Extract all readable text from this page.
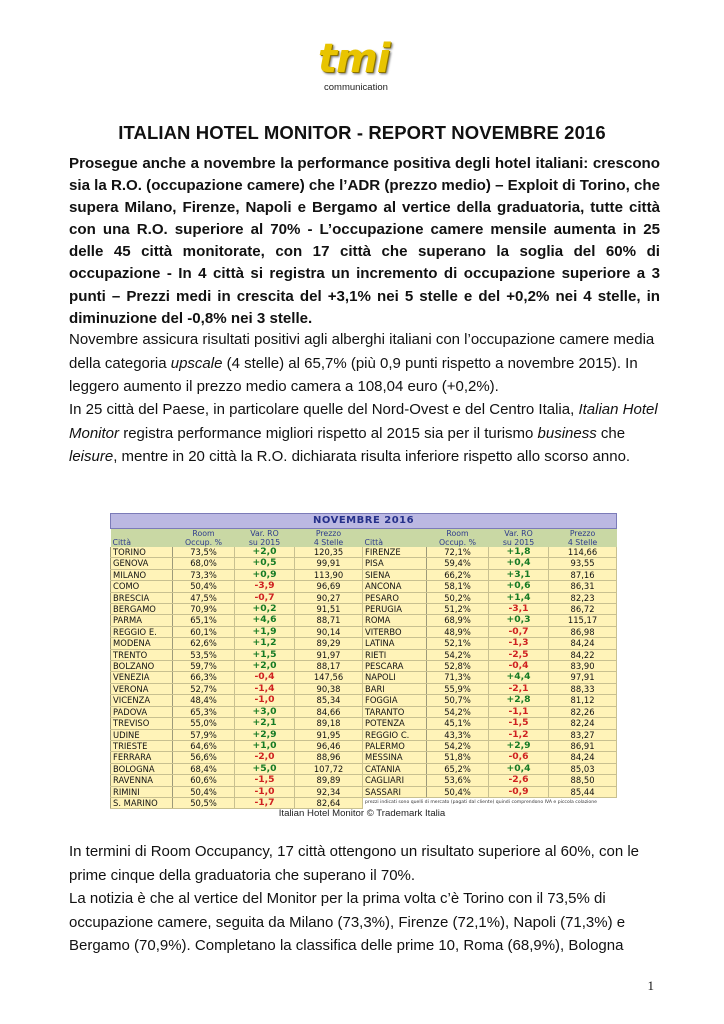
tmi
communication
ITALIAN HOTEL MONITOR - REPORT NOVEMBRE 2016
Prosegue anche a novembre la performance positiva degli hotel italiani: crescono sia la R.O. (occupazione camere) che l’ADR (prezzo medio) – Exploit di Torino, che supera Milano, Firenze, Napoli e Bergamo al vertice della graduatoria, tutte città con una R.O. superiore al 70% - L’occupazione camere mensile aumenta in 25 delle 45 città monitorate, con 17 città che superano la soglia del 60% di occupazione - In 4 città si registra un incremento di occupazione superiore a 3 punti – Prezzi medi in crescita del +3,1% nei 5 stelle e del +0,2% nei 4 stelle, in diminuzione del -0,8% nei 3 stelle.
Novembre assicura risultati positivi agli alberghi italiani con l’occupazione camere media della categoria upscale (4 stelle) al 65,7% (più 0,9 punti rispetto a novembre 2015). In leggero aumento il prezzo medio camera a 108,04 euro (+0,2%).
In 25 città del Paese, in particolare quelle del Nord-Ovest e del Centro Italia, Italian Hotel Monitor registra performance migliori rispetto al 2015 sia per il turismo business che leisure, mentre in 20 città la R.O. dichiarata risulta inferiore rispetto allo scorso anno.
NOVEMBRE 2016							
	Room	Var. RO	Prezzo		Room	Var. RO	Prezzo
Città	Occup. %	su 2015	4 Stelle	Città	Occup. %	su 2015	4 Stelle
TORINO	73,5%	+2,0	120,35	FIRENZE	72,1%	+1,8	114,66
GENOVA	68,0%	+0,5	99,91	PISA	59,4%	+0,4	93,55
MILANO	73,3%	+0,9	113,90	SIENA	66,2%	+3,1	87,16
COMO	50,4%	-3,9	96,69	ANCONA	58,1%	+0,6	86,31
BRESCIA	47,5%	-0,7	90,27	PESARO	50,2%	+1,4	82,23
BERGAMO	70,9%	+0,2	91,51	PERUGIA	51,2%	-3,1	86,72
PARMA	65,1%	+4,6	88,71	ROMA	68,9%	+0,3	115,17
REGGIO E.	60,1%	+1,9	90,14	VITERBO	48,9%	-0,7	86,98
MODENA	62,6%	+1,2	89,29	LATINA	52,1%	-1,3	84,24
TRENTO	53,5%	+1,5	91,97	RIETI	54,2%	-2,5	84,22
BOLZANO	59,7%	+2,0	88,17	PESCARA	52,8%	-0,4	83,90
VENEZIA	66,3%	-0,4	147,56	NAPOLI	71,3%	+4,4	97,91
VERONA	52,7%	-1,4	90,38	BARI	55,9%	-2,1	88,33
VICENZA	48,4%	-1,0	85,34	FOGGIA	50,7%	+2,8	81,12
PADOVA	65,3%	+3,0	84,66	TARANTO	54,2%	-1,1	82,26
TREVISO	55,0%	+2,1	89,18	POTENZA	45,1%	-1,5	82,24
UDINE	57,9%	+2,9	91,95	REGGIO C.	43,3%	-1,2	83,27
TRIESTE	64,6%	+1,0	96,46	PALERMO	54,2%	+2,9	86,91
FERRARA	56,6%	-2,0	88,96	MESSINA	51,8%	-0,6	84,24
BOLOGNA	68,4%	+5,0	107,72	CATANIA	65,2%	+0,4	85,03
RAVENNA	60,6%	-1,5	89,89	CAGLIARI	53,6%	-2,6	88,50
RIMINI	50,4%	-1,0	92,34	SASSARI	50,4%	-0,9	85,44
S. MARINO	50,5%	-1,7	82,64	prezzi indicati sono quelli di mercato (pagati dal cliente) quindi comprendono IVA e piccola colazione			
Italian Hotel Monitor © Trademark Italia

In termini di Room Occupancy, 17 città ottengono un risultato superiore al 60%, con le prime cinque della graduatoria che superano il 70%.

La notizia è che al vertice del Monitor per la prima volta c’è Torino con il 73,5% di occupazione camere, seguita da Milano (73,3%), Firenze (72,1%), Napoli (71,3%) e Bergamo (70,9%). Completano la classifica delle prime 10, Roma (68,9%), Bologna

1
